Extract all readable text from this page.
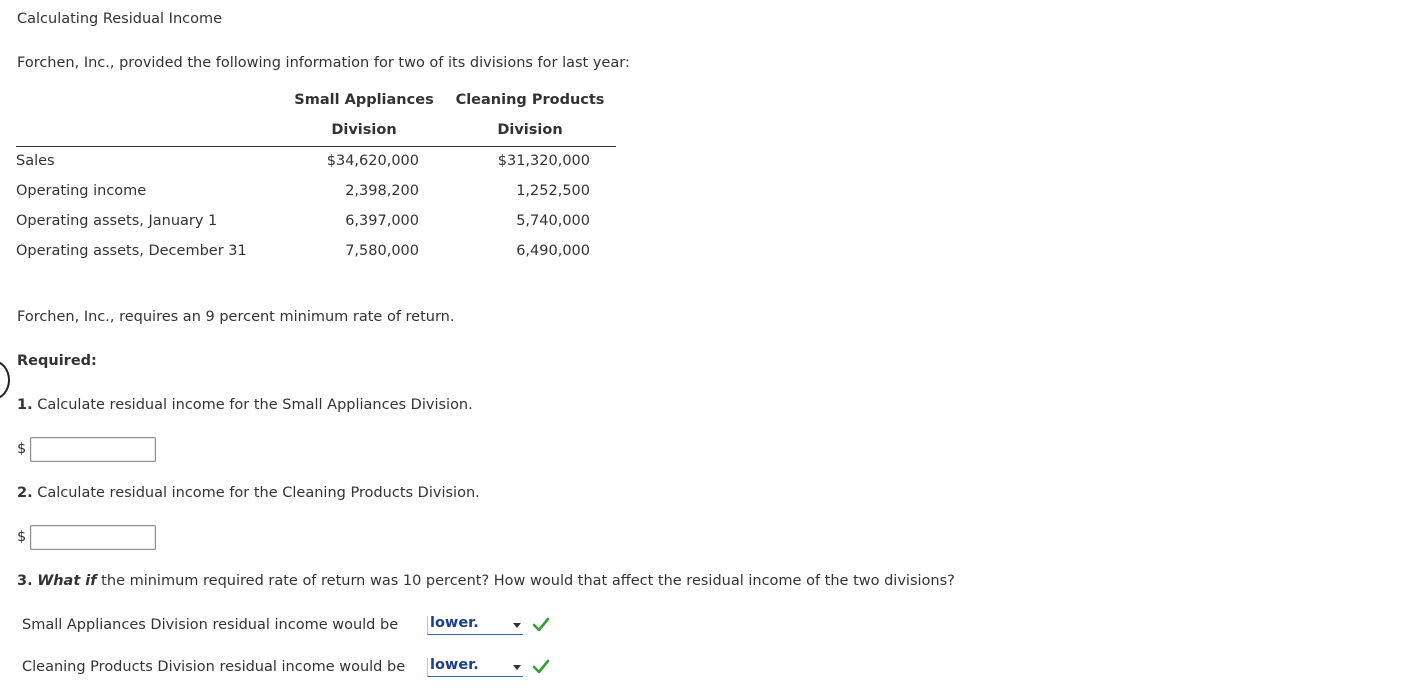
Calculating Residual Income
Forchen, Inc., provided the following information for two of its divisions for last year:
Small Appliances
Division
Cleaning Products
Division
Sales	$34,620,000	$31,320,000
Operating income	2,398,200	1,252,500
Operating assets, January 1	6,397,000	5,740,000
Operating assets, December 31	7,580,000	6,490,000
Forchen, Inc., requires an 9 percent minimum rate of return.
Required:
1. Calculate residual income for the Small Appliances Division.
$
2. Calculate residual income for the Cleaning Products Division.
$
3. What if the minimum required rate of return was 10 percent? How would that affect the residual income of the two divisions?
Small Appliances Division residual income would be lower.
Cleaning Products Division residual income would be lower.
